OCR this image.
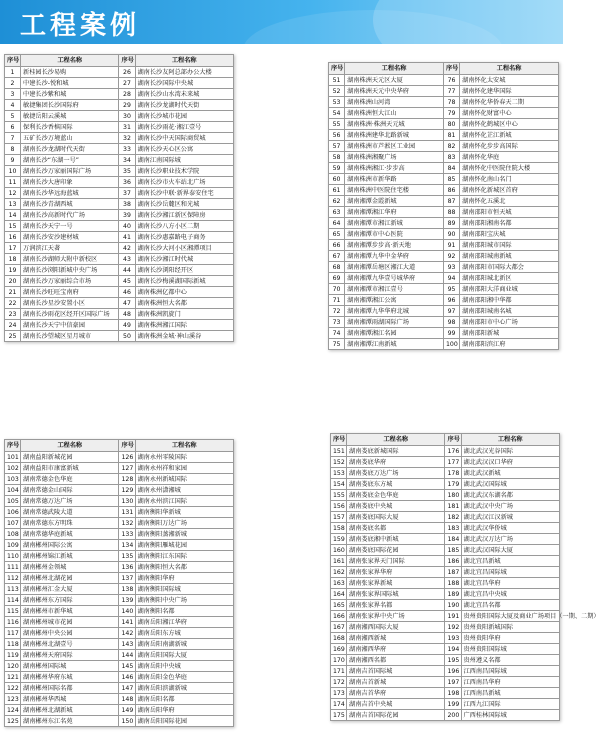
工程案例
序号	工程名称	序号	工程名称
1	新桂园长沙易购	26	湖南长沙友阿总部办公大楼
2	中建长沙-悦和城	27	湖南长沙国际中央城
3	中建长沙紫和城	28	湖南长沙山水湾未来城
4	敏捷集团长沙国际府	29	湖南长沙龙湖时代天街
5	敏捷岳阳云溪城	30	湖南长沙城市花园
6	保利长沙香槟国际	31	湖南长沙雨花·湘江壹号
7	五矿长沙万境蓝山	32	湖南长沙中天国际商贸城
8	湖南长沙龙湖时代天街	33	湖南长沙天心区公寓
9	湖南长沙“东湖一号”	34	湖南江南国际城
10	湖南长沙万家丽国际广场	35	湖南长沙职业技术学院
11	湖南长沙大唐印象	36	湖南长沙市火车站北广场
12	湖南长沙华远海蓝城	37	湖南长沙中联·新界泰安住宅
13	湖南长沙青湖西城	38	湖南长沙岳麓区和光城
14	湖南长沙高新时代广场	39	湖南长沙湘江新区保障房
15	湖南长沙天宁一号	40	湖南长沙八方小区二期
16	湖南长沙安沙建材城	41	湖南长沙惠嘉路电子商务
17	万润滨江天著	42	湖南长沙大河小区湘潭项目
18	湖南长沙湖师大附中新校区	43	湖南长沙湘江时代城
19	湖南长沙浏阳新城中央广场	44	湖南长沙浏阳经开区
20	湖南长沙万家丽综合市场	45	湖南长沙梅溪湖国际新城
21	湖南长沙旺旺宝南府	46	湖南株洲亿都中心
22	湖南长沙星沙安置小区	47	湖南株洲恒大名都
23	湖南长沙雨花区经开区国际广场	48	湖南株洲凯旋门
24	湖南长沙天宁中信豪园	49	湖南株洲湘江国际
25	湖南长沙望城区星月城市	50	湖南株洲金城·神山溪谷
序号	工程名称	序号	工程名称
51	湖南株洲天元区大厦	76	湖南怀化太安城
52	湖南株洲天元中央华府	77	湖南怀化建华国际
53	湖南株洲山河湾	78	湖南怀化华侨春天二期
54	湖南株洲恒大江山	79	湖南怀化财富中心
55	湖南株洲·株洲天元城	80	湖南怀化鹤城区中心
56	湖南株洲建华北路新城	81	湖南怀化芷江新城
57	湖南株洲市芦淞区工业园	82	湖南怀化步步高国际
58	湖南株洲湘聚广场	83	湖南怀化华庭
59	湖南株洲湘江·步步高	84	湖南怀化中医院住院大楼
60	湖南株洲市新华路	85	湖南怀化南山名门
61	湖南株洲中医院住宅楼	86	湖南怀化新城区首府
62	湖南湘潭金霞新城	87	湖南怀化五溪北
63	湖南湘潭湘江华府	88	湖南邵阳市恒天城
64	湖南湘潭市湘江新城	89	湖南邵阳湘南名都
65	湖南湘潭市中心医院	90	湖南邵阳宝庆城
66	湖南湘潭步步高·新天地	91	湖南邵阳城市国际
67	湖南湘潭九华中金华府	92	湖南邵阳城南新城
68	湖南湘潭岳塘区湘江大道	93	湖南邵阳市国际大都会
69	湖南湘潭九华壹号城华府	94	湖南邵阳城北新区
70	湖南湘潭市湘江壹号	95	湖南邵阳大洋商业城
71	湖南湘潭湘江公寓	96	湖南邵阳湘中华都
72	湖南湘潭九华华府北城	97	湖南邵阳城南名城
73	湖南湘潭雨湖国际广场	98	湖南邵阳市中心广场
74	湖南湘潭湘江名园	99	湖南邵阳新城
75	湖南湘潭江南新城	100	湖南邵阳滨江府
序号	工程名称	序号	工程名称
101	湖南益阳新城花园	126	湖南永州零陵国际
102	湖南益阳市康富新城	127	湖南永州祥和家园
103	湖南常德金色华庭	128	湖南永州新城国际
104	湖南常德金山国际	129	湖南永州潇湘城
105	湖南常德万达广场	130	湖南永州滨江国际
106	湖南常德武陵大道	131	湖南衡阳华新城
107	湖南常德东方明珠	132	湖南衡阳万达广场
108	湖南常德华庭新城	133	湖南衡阳蒸湘新城
109	湖南郴州国际公寓	134	湖南衡阳雁城花园
110	湖南郴州锦江新城	135	湖南衡阳江东国际
111	湖南郴州金领城	136	湖南衡阳恒大名都
112	湖南郴州北湖花园	137	湖南衡阳华府
113	湖南郴州汇金大厦	138	湖南衡阳国际城
114	湖南郴州东方国际	139	湖南衡阳中央广场
115	湖南郴州市新华城	140	湖南衡阳名都
116	湖南郴州城市花园	141	湖南岳阳湘江华府
117	湖南郴州中央公园	142	湖南岳阳东方城
118	湖南郴州北湖壹号	143	湖南岳阳南湖新城
119	湖南郴州天府国际	144	湖南岳阳国际大厦
120	湖南郴州国际城	145	湖南岳阳中央城
121	湖南郴州华府东城	146	湖南岳阳金色华庭
122	湖南郴州国际名都	147	湖南岳阳滨湖新城
123	湖南郴州华西城	148	湖南岳阳名都
124	湖南郴州北湖新城	149	湖南岳阳华府
125	湖南郴州东江名苑	150	湖南岳阳国际花园
序号	工程名称	序号	工程名称
151	湖南娄底新城国际	176	湖北武汉光谷国际
152	湖南娄底华府	177	湖北武汉汉口华府
153	湖南娄底万达广场	178	湖北武汉新城
154	湖南娄底东方城	179	湖北武汉国际城
155	湖南娄底金色华庭	180	湖北武汉东湖名都
156	湖南娄底中央城	181	湖北武汉中央广场
157	湖南娄底国际大厦	182	湖北武汉江汉新城
158	湖南娄底名都	183	湖北武汉华侨城
159	湖南娄底湘中新城	184	湖北武汉万达广场
160	湖南娄底国际花园	185	湖北武汉国际大厦
161	湖南张家界天门国际	186	湖北宜昌新城
162	湖南张家界华府	187	湖北宜昌国际城
163	湖南张家界新城	188	湖北宜昌华府
164	湖南张家界国际城	189	湖北宜昌中央城
165	湖南张家界名都	190	湖北宜昌名都
166	湖南张家界中央广场	191	贵州贵阳国际大厦及商业广场项目（一期、二期）
167	湖南湘西国际大厦	192	贵州贵阳新城国际
168	湖南湘西新城	193	贵州贵阳华府
169	湖南湘西华府	194	贵州贵阳国际城
170	湖南湘西名都	195	贵州遵义名都
171	湖南吉首国际城	196	江西南昌国际城
172	湖南吉首新城	197	江西南昌华府
173	湖南吉首华府	198	江西南昌新城
174	湖南吉首中央城	199	江西九江国际
175	湖南吉首国际花园	200	广西桂林国际城
